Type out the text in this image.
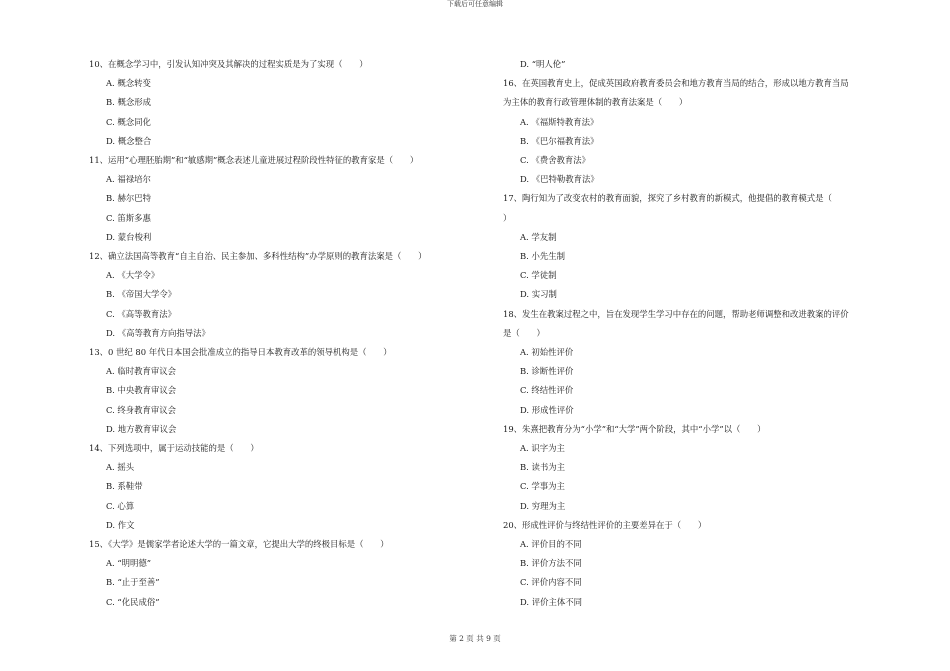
下载后可任意编辑
10、在概念学习中，引发认知冲突及其解决的过程实质是为了实现（　　）
A. 概念转变
B. 概念形成
C. 概念同化
D. 概念整合
11、运用“心理胚胎期”和“敏感期”概念表述儿童进展过程阶段性特征的教育家是（　　）
A. 福禄培尔
B. 赫尔巴特
C. 笛斯多惠
D. 蒙台梭利
12、确立法国高等教育“自主自治、民主参加、多科性结构”办学原则的教育法案是（　　）
A. 《大学令》
B. 《帝国大学令》
C. 《高等教育法》
D. 《高等教育方向指导法》
13、0 世纪 80 年代日本国会批准成立的指导日本教育改革的领导机构是（　　）
A. 临时教育审议会
B. 中央教育审议会
C. 终身教育审议会
D. 地方教育审议会
14、下列选项中，属于运动技能的是（　　）
A. 摇头
B. 系鞋带
C. 心算
D. 作文
15、《大学》是儒家学者论述大学的一篇文章，它提出大学的终极目标是（　　）
A. “明明德”
B. “止于至善”
C. “化民成俗”
D. “明人伦”
16、在英国教育史上，促成英国政府教育委员会和地方教育当局的结合，形成以地方教育当局
为主体的教育行政管理体制的教育法案是（　　）
A. 《福斯特教育法》
B. 《巴尔福教育法》
C. 《费舍教育法》
D. 《巴特勒教育法》
17、陶行知为了改变农村的教育面貌，探究了乡村教育的新模式，他提倡的教育模式是（
）
A. 学友制
B. 小先生制
C. 学徒制
D. 实习制
18、发生在教案过程之中，旨在发现学生学习中存在的问题，帮助老师调整和改进教案的评价
是（　　）
A. 初始性评价
B. 诊断性评价
C. 终结性评价
D. 形成性评价
19、朱熹把教育分为“小学”和“大学”两个阶段，其中“小学”以（　　）
A. 识字为主
B. 读书为主
C. 学事为主
D. 穷理为主
20、形成性评价与终结性评价的主要差异在于（　　）
A. 评价目的不同
B. 评价方法不同
C. 评价内容不同
D. 评价主体不同
第 2 页 共 9 页
